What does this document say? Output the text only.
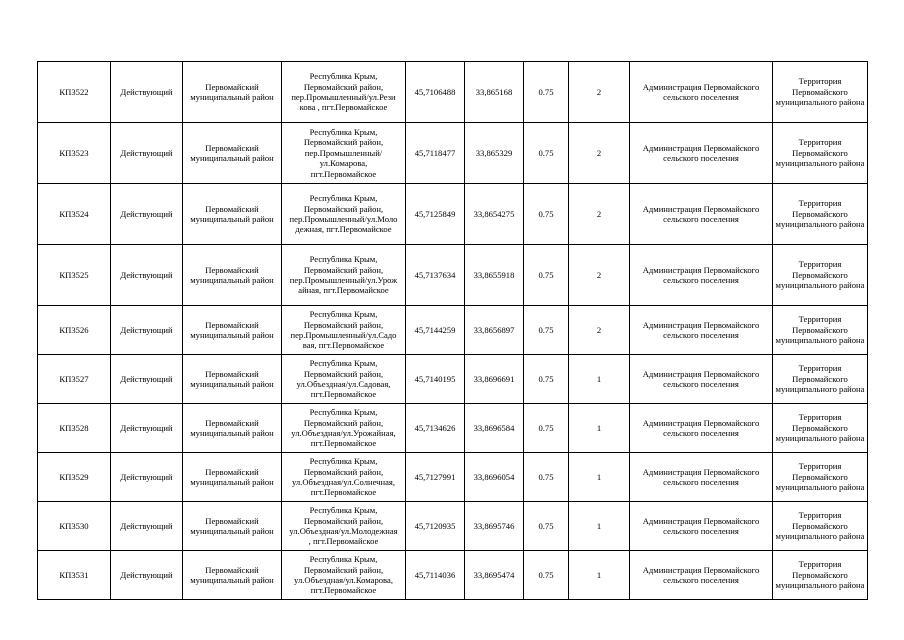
КП3522	Действующий	Первомайский муниципальный район	Республика Крым,
Первомайский район,
пер.Промышленный/ул.Рези
кова , пгт.Первомайское	45,7106488	33,865168	0.75	2	Администрация Первомайского сельского поселения	Территория Первомайского муниципального района
КП3523	Действующий	Первомайский муниципальный район	Республика Крым,
Первомайский район,
пер.Промышленный/
ул.Комарова,
пгт.Первомайское	45,7118477	33,865329	0.75	2	Администрация Первомайского сельского поселения	Территория Первомайского муниципального района
КП3524	Действующий	Первомайский муниципальный район	Республика Крым,
Первомайский район,
пер.Промышленный/ул.Моло
дежная, пгт.Первомайское	45,7125849	33,8654275	0.75	2	Администрация Первомайского сельского поселения	Территория Первомайского муниципального района
КП3525	Действующий	Первомайский муниципальный район	Республика Крым,
Первомайский район,
пер.Промышленный/ул.Урож
айная, пгт.Первомайское	45,7137634	33,8655918	0.75	2	Администрация Первомайского сельского поселения	Территория Первомайского муниципального района
КП3526	Действующий	Первомайский муниципальный район	Республика Крым,
Первомайский район,
пер.Промышленный/ул.Садо
вая, пгт.Первомайское	45,7144259	33,8656897	0.75	2	Администрация Первомайского сельского поселения	Территория Первомайского муниципального района
КП3527	Действующий	Первомайский муниципальный район	Республика Крым,
Первомайский район,
ул.Объездная/ул.Садовая,
пгт.Первомайское	45,7140195	33,8696691	0.75	1	Администрация Первомайского сельского поселения	Территория Первомайского муниципального района
КП3528	Действующий	Первомайский муниципальный район	Республика Крым,
Первомайский район,
ул.Объездная/ул.Урожайная,
пгт.Первомайское	45,7134626	33,8696584	0.75	1	Администрация Первомайского сельского поселения	Территория Первомайского муниципального района
КП3529	Действующий	Первомайский муниципальный район	Республика Крым,
Первомайский район,
ул.Объездная/ул.Солнечная,
пгт.Первомайское	45,7127991	33,8696054	0.75	1	Администрация Первомайского сельского поселения	Территория Первомайского муниципального района
КП3530	Действующий	Первомайский муниципальный район	Республика Крым,
Первомайский район,
ул.Объездная/ул.Молодежная
, пгт.Первомайское	45,7120935	33,8695746	0.75	1	Администрация Первомайского сельского поселения	Территория Первомайского муниципального района
КП3531	Действующий	Первомайский муниципальный район	Республика Крым,
Первомайский район,
ул.Объездная/ул.Комарова,
пгт.Первомайское	45,7114036	33,8695474	0.75	1	Администрация Первомайского сельского поселения	Территория Первомайского муниципального района
